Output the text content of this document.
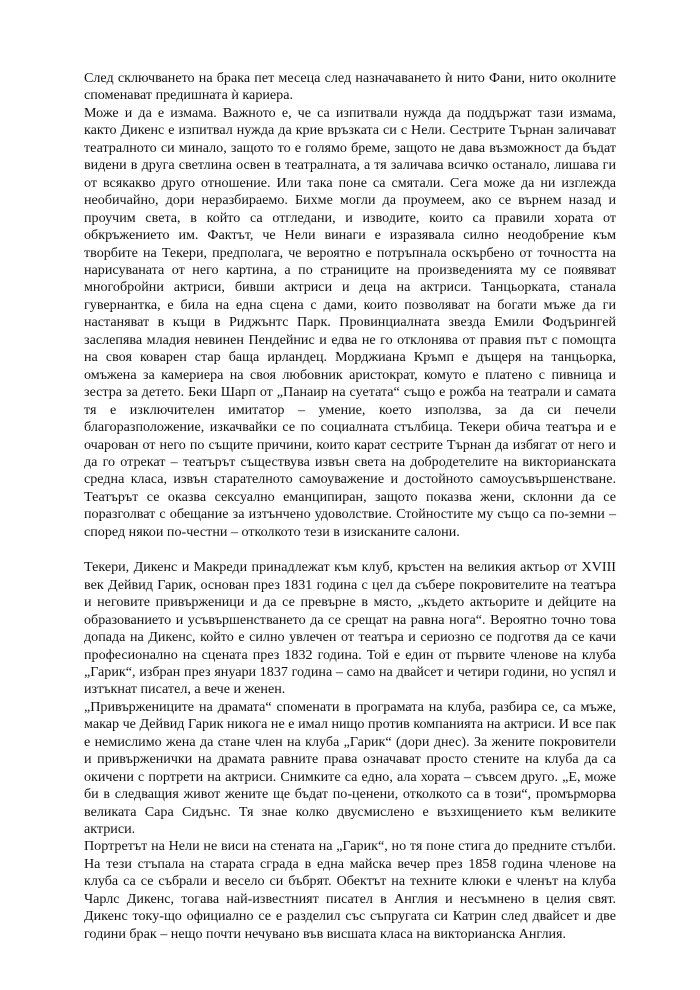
След сключването на брака пет месеца след назначаването ѝ нито Фани, нито околните споменават предишната ѝ кариера.

Може и да е измама. Важното е, че са изпитвали нужда да поддържат тази измама, както Дикенс е изпитвал нужда да крие връзката си с Нели. Сестрите Търнан заличават театралното си минало, защото то е голямо бреме, защото не дава възможност да бъдат видени в друга светлина освен в театралната, а тя заличава всичко останало, лишава ги от всякакво друго отношение. Или така поне са смятали. Сега може да ни изглежда необичайно, дори неразбираемо. Бихме могли да проумеем, ако се върнем назад и проучим света, в който са отгледани, и изводите, които са правили хората от обкръжението им. Фактът, че Нели винаги е изразявала силно неодобрение към творбите на Текери, предполага, че вероятно е потръпнала оскърбено от точността на нарисуваната от него картина, а по страниците на произведенията му се появяват многобройни актриси, бивши актриси и деца на актриси. Танцьорката, станала гувернантка, е била на една сцена с дами, които позволяват на богати мъже да ги настаняват в къщи в Риджънтс Парк. Провинциалната звезда Емили Фодърингей заслепява младия невинен Пендейнис и едва не го отклонява от правия път с помощта на своя коварен стар баща ирландец. Морджиана Кръмп е дъщеря на танцьорка, омъжена за камериера на своя любовник аристократ, комуто е платено с пивница и зестра за детето. Беки Шарп от „Панаир на суетата“ също е рожба на театрали и самата тя е изключителен имитатор – умение, което използва, за да си печели благоразположение, изкачвайки се по социалната стълбица. Текери обича театъра и е очарован от него по същите причини, които карат сестрите Търнан да избягат от него и да го отрекат – театърът съществува извън света на добродетелите на викторианската средна класа, извън старателното самоуважение и достойното самоусъвършенстване. Театърът се оказва сексуално еманципиран, защото показва жени, склонни да се поразголват с обещание за изтънчено удоволствие. Стойностите му също са по-земни – според някои по-честни – отколкото тези в изисканите салони.

Текери, Дикенс и Макреди принадлежат към клуб, кръстен на великия актьор от XVIII век Дейвид Гарик, основан през 1831 година с цел да събере покровителите на театъра и неговите привърженици и да се превърне в място, „където актьорите и дейците на образованието и усъвършенстването да се срещат на равна нога“. Вероятно точно това допада на Дикенс, който е силно увлечен от театъра и сериозно се подготвя да се качи професионално на сцената през 1832 година. Той е един от първите членове на клуба „Гарик“, избран през януари 1837 година – само на двайсет и четири години, но успял и изтъкнат писател, а вече и женен.

„Привържениците на драмата“ споменати в програмата на клуба, разбира се, са мъже, макар че Дейвид Гарик никога не е имал нищо против компанията на актриси. И все пак е немислимо жена да стане член на клуба „Гарик“ (дори днес). За жените покровители и привърженички на драмата равните права означават просто стените на клуба да са окичени с портрети на актриси. Снимките са едно, ала хората – съвсем друго. „Е, може би в следващия живот жените ще бъдат по-ценени, отколкото са в този“, промърморва великата Сара Сидънс. Тя знае колко двусмислено е възхищението към великите актриси.

Портретът на Нели не виси на стената на „Гарик“, но тя поне стига до предните стълби. На тези стъпала на старата сграда в една майска вечер през 1858 година членове на клуба са се събрали и весело си бъбрят. Обектът на техните клюки е членът на клуба Чарлс Дикенс, тогава най-известният писател в Англия и несъмнено в целия свят. Дикенс току-що официално се е разделил със съпругата си Катрин след двайсет и две години брак – нещо почти нечувано във висшата класа на викторианска Англия.
